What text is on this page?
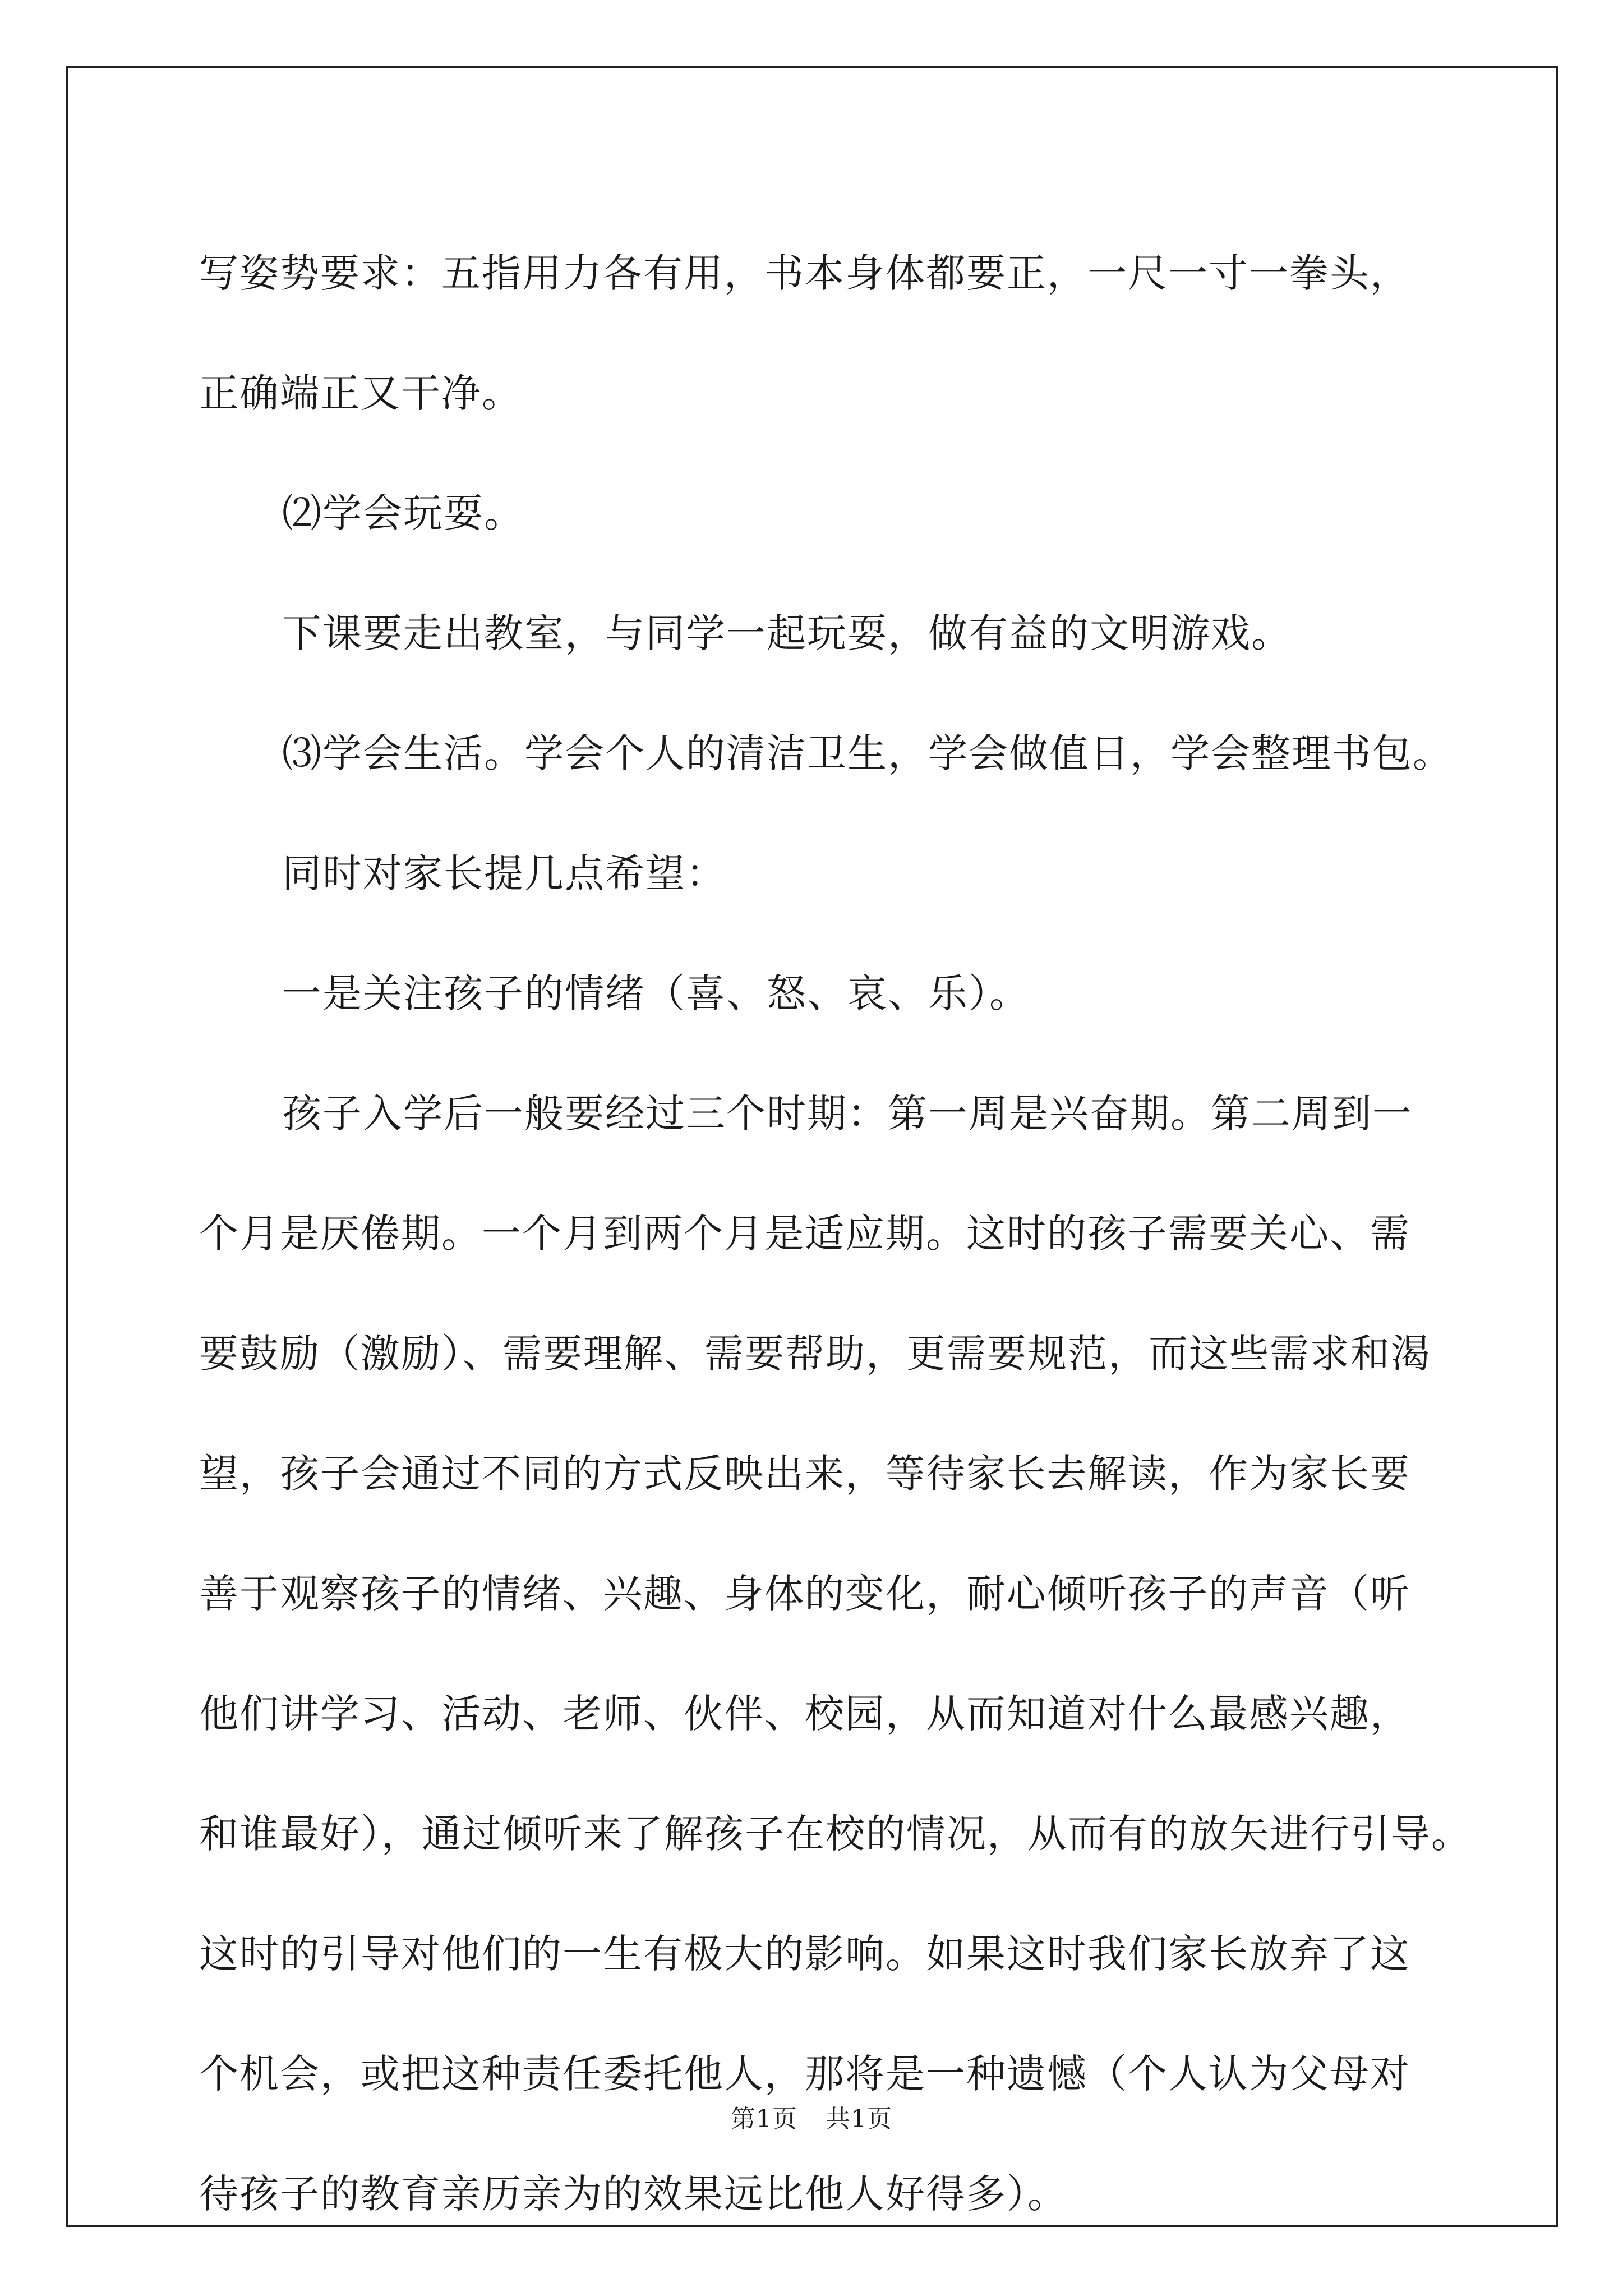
写姿势要求：五指用力各有用，书本身体都要正，一尺一寸一拳头，
正确端正又干净。
⑵学会玩耍。
下课要走出教室，与同学一起玩耍，做有益的文明游戏。
⑶学会生活。学会个人的清洁卫生，学会做值日，学会整理书包。
同时对家长提几点希望：
一是关注孩子的情绪（喜、怒、哀、乐）。
孩子入学后一般要经过三个时期：第一周是兴奋期。第二周到一
个月是厌倦期。一个月到两个月是适应期。这时的孩子需要关心、需
要鼓励（激励）、需要理解、需要帮助，更需要规范，而这些需求和渴
望，孩子会通过不同的方式反映出来，等待家长去解读，作为家长要
善于观察孩子的情绪、兴趣、身体的变化，耐心倾听孩子的声音（听
他们讲学习、活动、老师、伙伴、校园，从而知道对什么最感兴趣，
和谁最好），通过倾听来了解孩子在校的情况，从而有的放矢进行引导。
这时的引导对他们的一生有极大的影响。如果这时我们家长放弃了这
个机会，或把这种责任委托他人，那将是一种遗憾（个人认为父母对
待孩子的教育亲历亲为的效果远比他人好得多）。
第1页 共1页
